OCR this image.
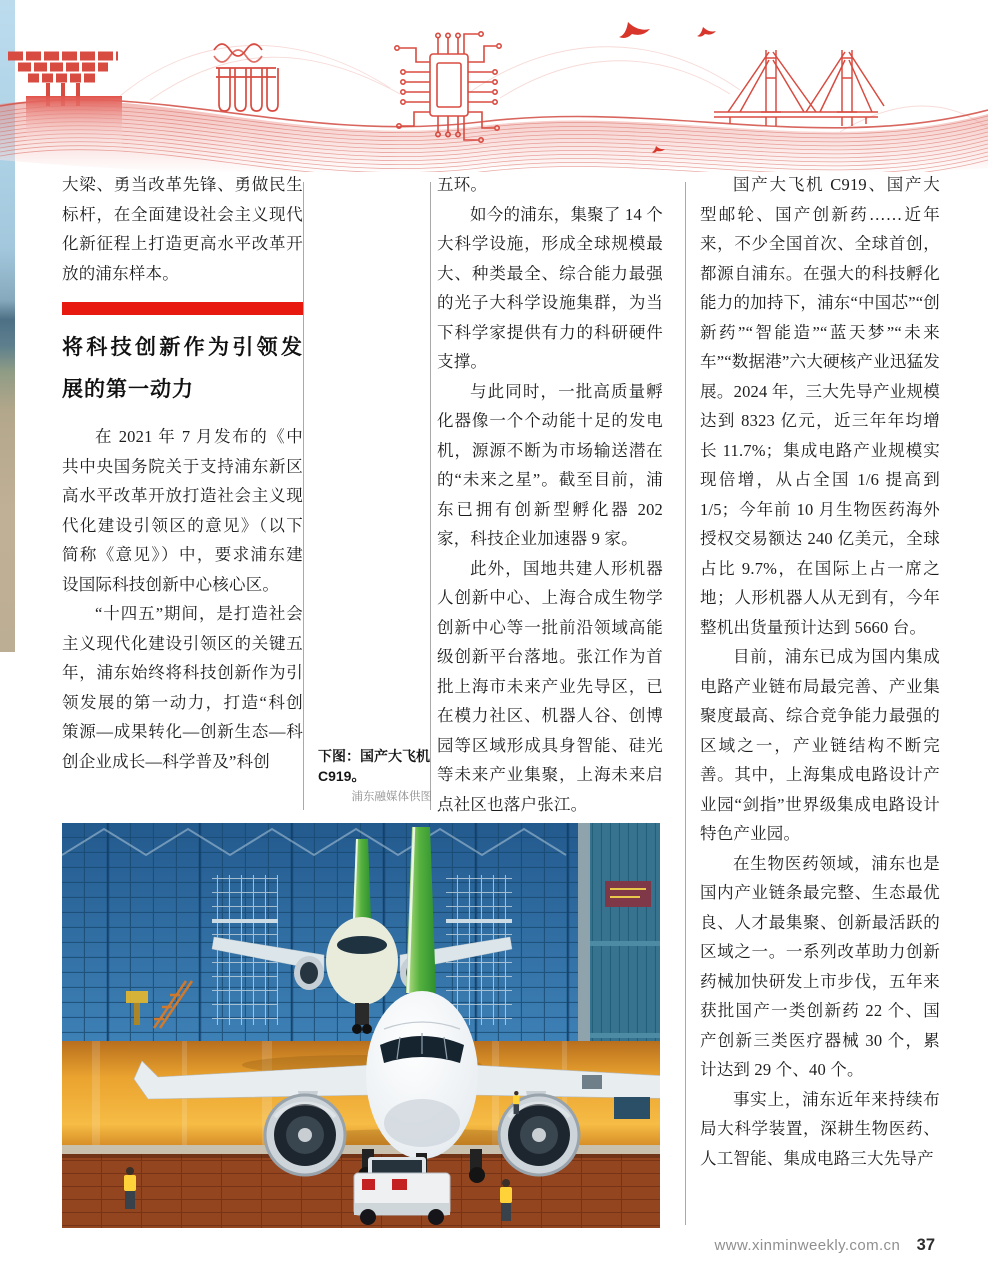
大梁、勇当改革先锋、勇做民生标杆，在全面建设社会主义现代化新征程上打造更高水平改革开放的浦东样本。

将科技创新作为引领发展的第一动力

在 2021 年 7 月发布的《中共中央国务院关于支持浦东新区高水平改革开放打造社会主义现代化建设引领区的意见》（以下简称《意见》）中，要求浦东建设国际科技创新中心核心区。

“十四五”期间，是打造社会主义现代化建设引领区的关键五年，浦东始终将科技创新作为引领发展的第一动力，打造“科创策源—成果转化—创新生态—科创企业成长—科学普及”科创	下图：国产大飞机 C919。

浦东融媒体供图

五环。

如今的浦东，集聚了 14 个大科学设施，形成全球规模最大、种类最全、综合能力最强的光子大科学设施集群，为当下科学家提供有力的科研硬件支撑。

与此同时，一批高质量孵化器像一个个动能十足的发电机，源源不断为市场输送潜在的“未来之星”。截至目前，浦东已拥有创新型孵化器 202 家，科技企业加速器 9 家。

此外，国地共建人形机器人创新中心、上海合成生物学创新中心等一批前沿领域高能级创新平台落地。张江作为首批上海市未来产业先导区，已在模力社区、机器人谷、创博园等区域形成具身智能、硅光等未来产业集聚，上海未来启点社区也落户张江。

国产大飞机 C919、国产大型邮轮、国产创新药……近年来，不少全国首次、全球首创，都源自浦东。在强大的科技孵化能力的加持下，浦东“中国芯”“创新药”“智能造”“蓝天梦”“未来车”“数据港”六大硬核产业迅猛发展。2024 年，三大先导产业规模达到 8323 亿元，近三年年均增长 11.7%；集成电路产业规模实现倍增，从占全国 1/6 提高到 1/5；今年前 10 月生物医药海外授权交易额达 240 亿美元，全球占比 9.7%，在国际上占一席之地；人形机器人从无到有，今年整机出货量预计达到 5660 台。

目前，浦东已成为国内集成电路产业链布局最完善、产业集聚度最高、综合竞争能力最强的区域之一，产业链结构不断完善。其中，上海集成电路设计产业园“剑指”世界级集成电路设计特色产业园。

在生物医药领域，浦东也是国内产业链条最完整、生态最优良、人才最集聚、创新最活跃的区域之一。一系列改革助力创新药械加快研发上市步伐，五年来获批国产一类创新药 22 个、国产创新三类医疗器械 30 个，累计达到 29 个、40 个。

事实上，浦东近年来持续布局大科学装置，深耕生物医药、人工智能、集成电路三大先导产

www.xinminweekly.com.cn 37
